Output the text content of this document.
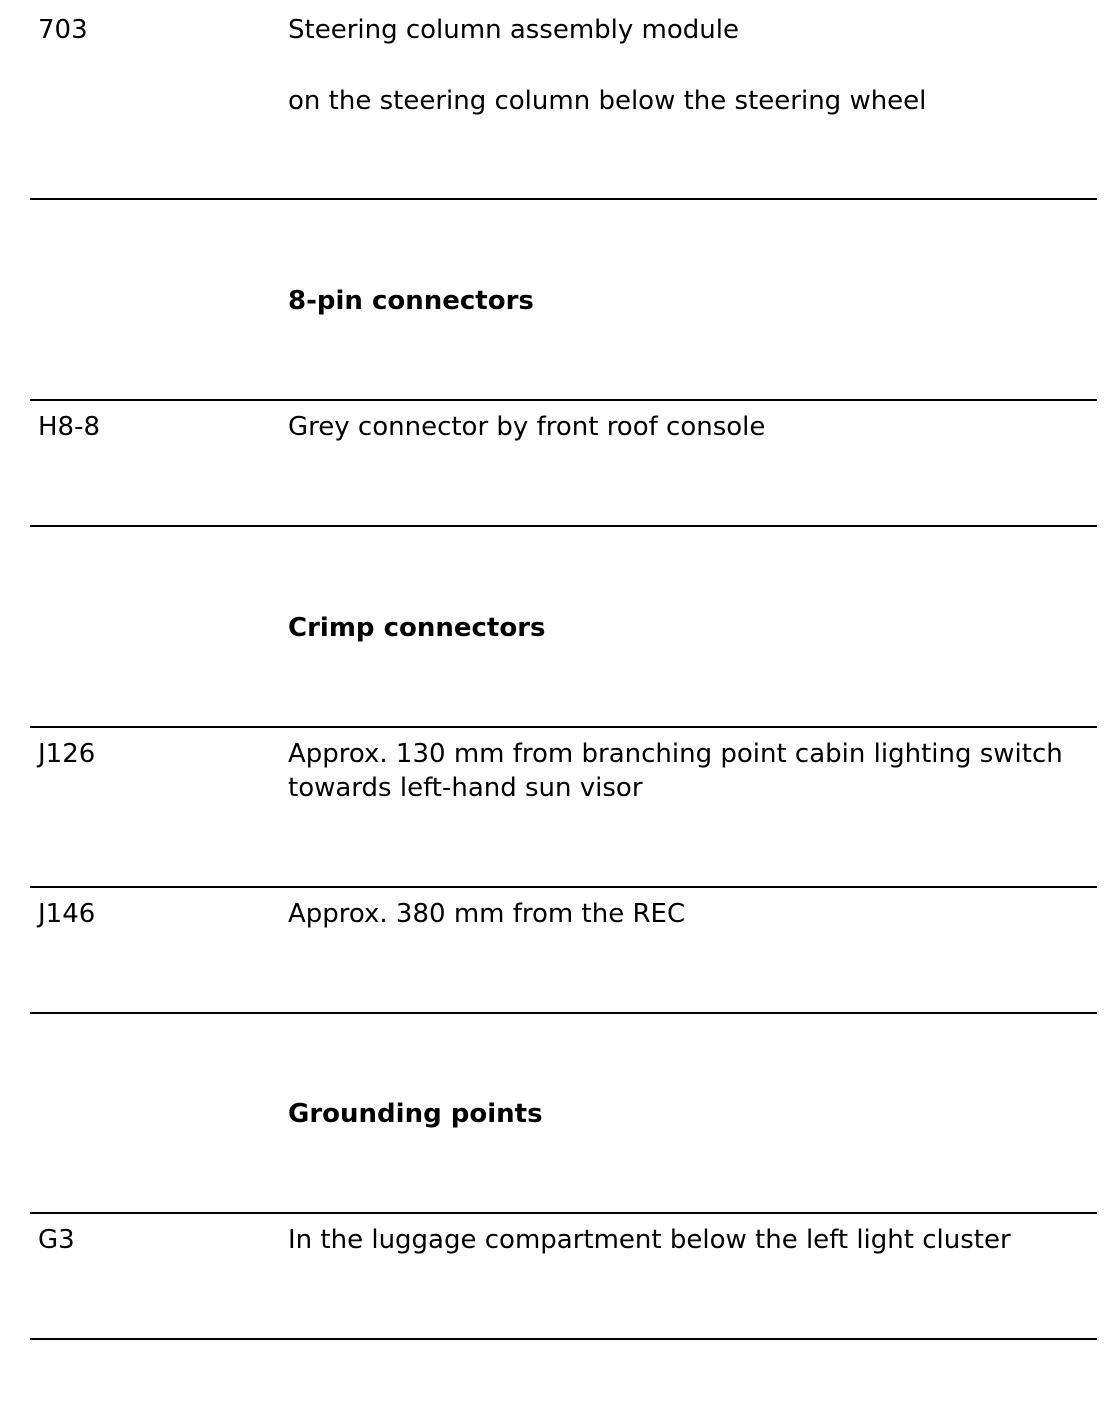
703	Steering column assembly module
on the steering column below the steering wheel
8-pin connectors
H8-8	Grey connector by front roof console
Crimp connectors
J126	Approx. 130 mm from branching point cabin lighting switch towards left-hand sun visor
J146	Approx. 380 mm from the REC
Grounding points
G3	In the luggage compartment below the left light cluster
